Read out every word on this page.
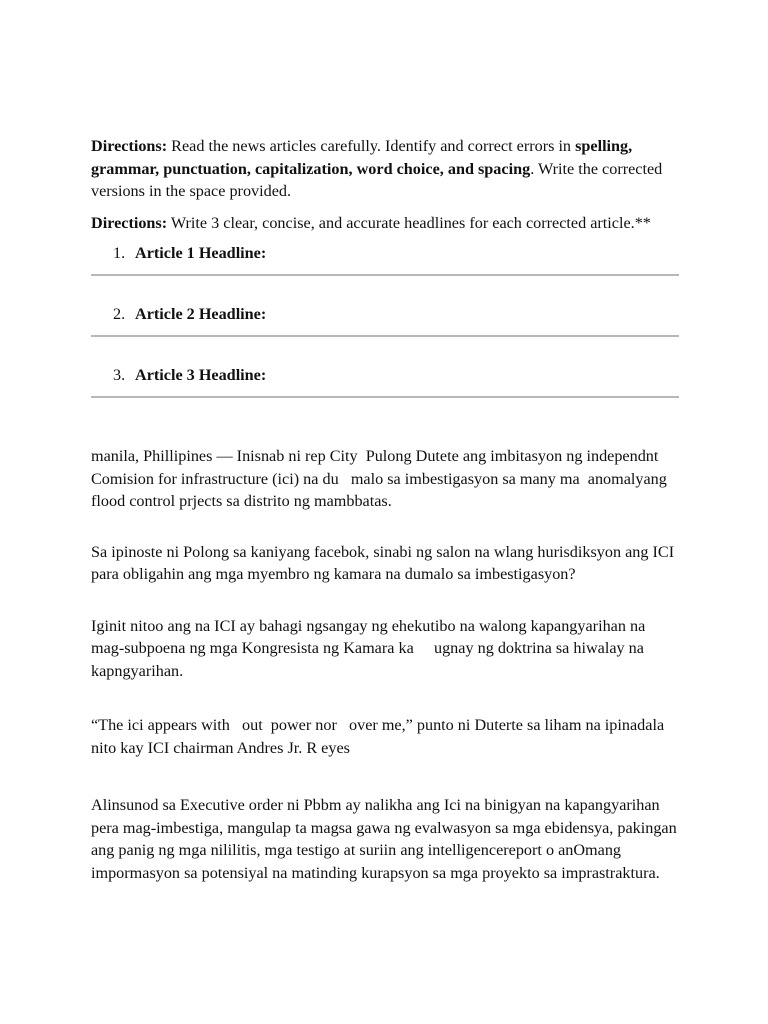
Directions: Read the news articles carefully. Identify and correct errors in spelling, grammar, punctuation, capitalization, word choice, and spacing. Write the corrected versions in the space provided.

Directions: Write 3 clear, concise, and accurate headlines for each corrected article.**

1. Article 1 Headline:
2. Article 2 Headline:
3. Article 3 Headline:

manila, Phillipines — Inisnab ni rep City  Pulong Dutete ang imbitasyon ng independnt Comision for infrastructure (ici) na du   malo sa imbestigasyon sa many ma  anomalyang flood control prjects sa distrito ng mambbatas.

Sa ipinoste ni Polong sa kaniyang facebok, sinabi ng salon na wlang hurisdiksyon ang ICI para obligahin ang mga myembro ng kamara na dumalo sa imbestigasyon?

Iginit nitoo ang na ICI ay bahagi ngsangay ng ehekutibo na walong kapangyarihan na mag-subpoena ng mga Kongresista ng Kamara ka     ugnay ng doktrina sa hiwalay na kapngyarihan.

“The ici appears with   out  power nor   over me,” punto ni Duterte sa liham na ipinadala nito kay ICI chairman Andres Jr. R eyes

Alinsunod sa Executive order ni Pbbm ay nalikha ang Ici na binigyan na kapangyarihan pera mag-imbestiga, mangulap ta magsa gawa ng evalwasyon sa mga ebidensya, pakingan ang panig ng mga nililitis, mga testigo at suriin ang intelligencereport o anOmang impormasyon sa potensiyal na matinding kurapsyon sa mga proyekto sa imprastraktura.
